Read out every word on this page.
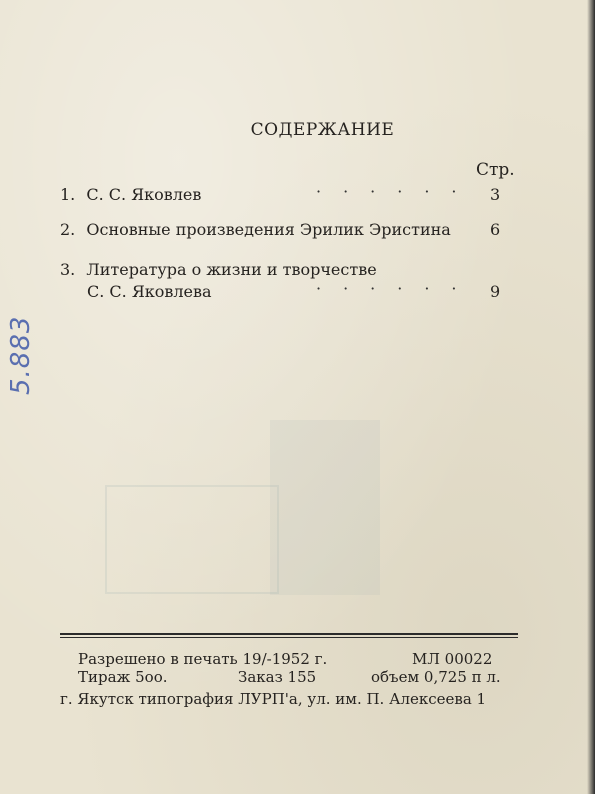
5.883
СОДЕРЖАНИЕ
Стр.
1. С. С. Яковлев	······ 3
2. Основные произведения Эрилик Эристина 6
3. Литература о жизни и творчестве
С. С. Яковлева	······ 9
Разрешено в печать 19/-1952 г.	МЛ 00022
Тираж 5оо.	Заказ 155	объем 0,725 п л.
г. Якутск типография ЛУРП'а, ул. им. П. Алексеева 1
